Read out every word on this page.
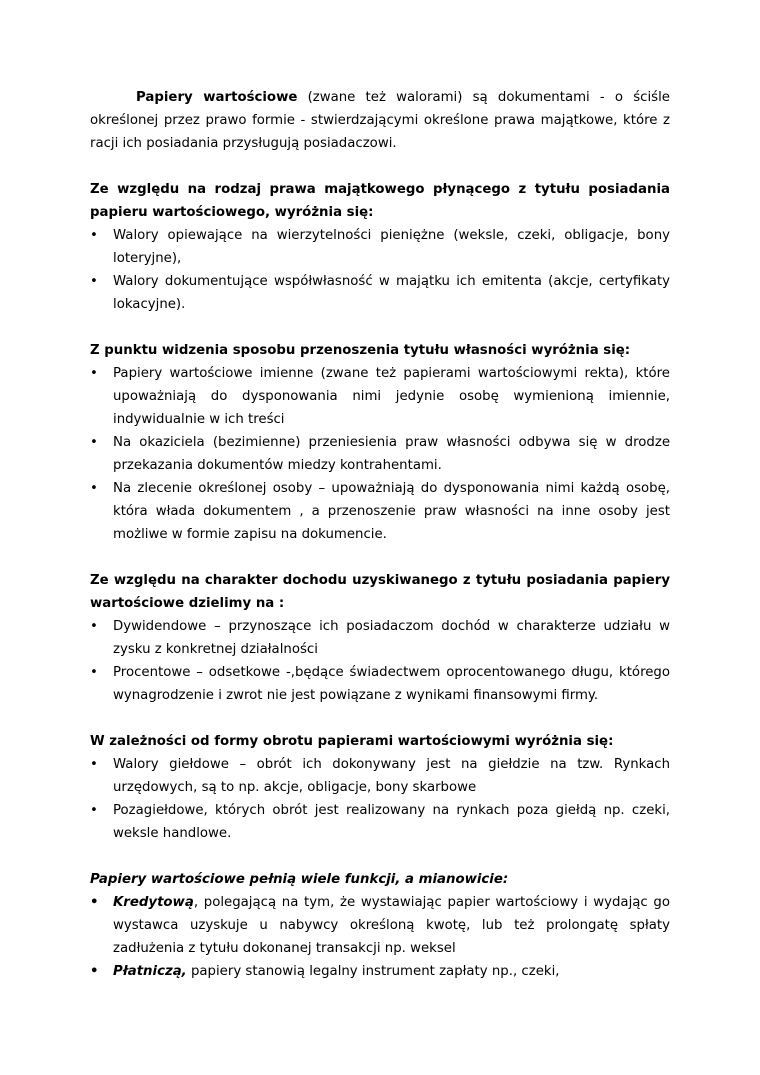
Papiery wartościowe (zwane też walorami) są dokumentami - o ściśle określonej przez prawo formie - stwierdzającymi określone prawa majątkowe, które z racji ich posiadania przysługują posiadaczowi.

Ze względu na rodzaj prawa majątkowego płynącego z tytułu posiadania papieru wartościowego, wyróżnia się:

• Walory opiewające na wierzytelności pieniężne (weksle, czeki, obligacje, bony loteryjne),
• Walory dokumentujące współwłasność w majątku ich emitenta (akcje, certyfikaty lokacyjne).

Z punktu widzenia sposobu przenoszenia tytułu własności wyróżnia się:

• Papiery wartościowe imienne (zwane też papierami wartościowymi rekta), które upoważniają do dysponowania nimi jedynie osobę wymienioną imiennie, indywidualnie w ich treści
• Na okaziciela (bezimienne) przeniesienia praw własności odbywa się w drodze przekazania dokumentów miedzy kontrahentami.
• Na zlecenie określonej osoby – upoważniają do dysponowania nimi każdą osobę, która włada dokumentem , a przenoszenie praw własności na inne osoby jest możliwe w formie zapisu na dokumencie.

Ze względu na charakter dochodu uzyskiwanego z tytułu posiadania papiery wartościowe dzielimy na :

• Dywidendowe – przynoszące ich posiadaczom dochód w charakterze udziału w zysku z konkretnej działalności
• Procentowe – odsetkowe -,będące świadectwem oprocentowanego długu, którego wynagrodzenie i zwrot nie jest powiązane z wynikami finansowymi firmy.

W zależności od formy obrotu papierami wartościowymi wyróżnia się:

• Walory giełdowe – obrót ich dokonywany jest na giełdzie na tzw. Rynkach urzędowych, są to np. akcje, obligacje, bony skarbowe
• Pozagiełdowe, których obrót jest realizowany na rynkach poza giełdą np. czeki, weksle handlowe.

Papiery wartościowe pełnią wiele funkcji, a mianowicie:

• Kredytową, polegającą na tym, że wystawiając papier wartościowy i wydając go wystawca uzyskuje u nabywcy określoną kwotę, lub też prolongatę spłaty zadłużenia z tytułu dokonanej transakcji np. weksel
• Płatniczą, papiery stanowią legalny instrument zapłaty np., czeki,
